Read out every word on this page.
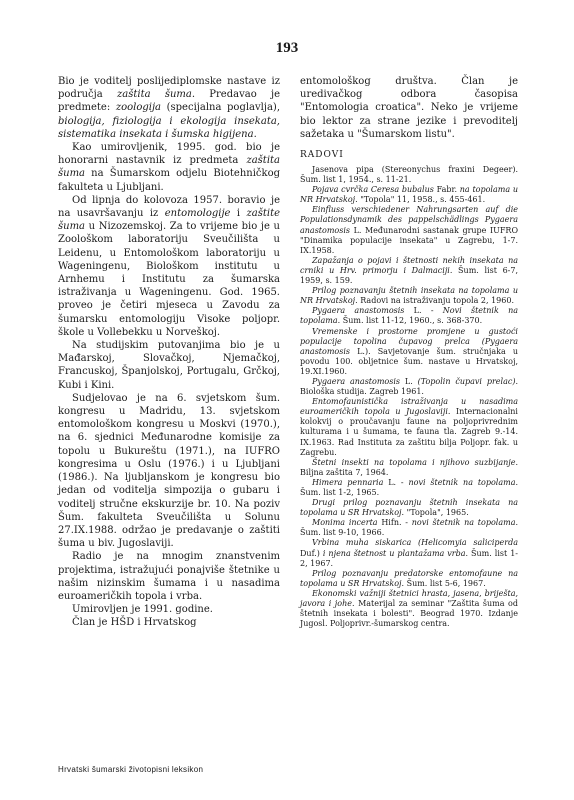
193

Bio je voditelj poslijediplomske nastave iz područja zaštita šuma. Predavao je predmete: zoologija (specijalna poglavlja), biologija, fiziologija i ekologija insekata, sistematika insekata i šumska higijena.

Kao umirovljenik, 1995. god. bio je honorarni nastavnik iz predmeta zaštita šuma na Šumarskom odjelu Biotehničkog fakulteta u Ljubljani.

Od lipnja do kolovoza 1957. boravio je na usavršavanju iz entomologije i zaštite šuma u Nizozemskoj. Za to vrijeme bio je u Zoološkom laboratoriju Sveučilišta u Leidenu, u Entomološkom laboratoriju u Wageningenu, Biološkom institutu u Arnhemu i Institutu za šumarska istraživanja u Wageningenu. God. 1965. proveo je četiri mjeseca u Zavodu za šumarsku entomologiju Visoke poljopr. škole u Vollebekku u Norveškoj.

Na studijskim putovanjima bio je u Mađarskoj, Slovačkoj, Njemačkoj, Francuskoj, Španjolskoj, Portugalu, Grčkoj, Kubi i Kini.

Sudjelovao je na 6. svjetskom šum. kongresu u Madridu, 13. svjetskom entomološkom kongresu u Moskvi (1970.), na 6. sjednici Međunarodne komisije za topolu u Bukureštu (1971.), na IUFRO kongresima u Oslu (1976.) i u Ljubljani (1986.). Na ljubljanskom je kongresu bio jedan od voditelja simpozija o gubaru i voditelj stručne ekskurzije br. 10. Na poziv Šum. fakulteta Sveučilišta u Solunu 27.IX.1988. održao je predavanje o zaštiti šuma u biv. Jugoslaviji.

Radio je na mnogim znanstvenim projektima, istražujući ponajviše štetnike u našim nizinskim šumama i u nasadima euroameričkih topola i vrba.

Umirovljen je 1991. godine.

Član je HŠD i Hrvatskog

entomološkog društva. Član je uredivačkog odbora časopisa "Entomologia croatica". Neko je vrijeme bio lektor za strane jezike i prevoditelj sažetaka u "Šumarskom listu".

RADOVI

Jasenova pipa (Stereonychus fraxini Degeer). Šum. list 1, 1954., s. 11-21.

Pojava cvrčka Ceresa bubalus Fabr. na topolama u NR Hrvatskoj. "Topola" 11, 1958., s. 455-461.

Einfluss verschiedener Nahrungsarten auf die Populationsdynamik des pappelschädlings Pygaera anastomosis L. Međunarodni sastanak grupe IUFRO "Dinamika populacije insekata" u Zagrebu, 1-7. IX.1958.

Zapažanja o pojavi i štetnosti nekih insekata na crniki u Hrv. primorju i Dalmaciji. Šum. list 6-7, 1959, s. 159.

Prilog poznavanju štetnih insekata na topolama u NR Hrvatskoj. Radovi na istraživanju topola 2, 1960.

Pygaera anastomosis L. - Novi štetnik na topolama. Šum. list 11-12, 1960., s. 368-370.

Vremenske i prostorne promjene u gustoći populacije topolina čupavog prelca (Pygaera anastomosis L.). Savjetovanje šum. stručnjaka u povodu 100. obljetnice šum. nastave u Hrvatskoj, 19.XI.1960.

Pygaera anastomosis L. (Topolin čupavi prelac). Biološka studija. Zagreb 1961.

Entomofaunistička istraživanja u nasadima euroameričkih topola u Jugoslaviji. Internacionalni kolokvij o proučavanju faune na poljoprivrednim kulturama i u šumama, te fauna tla. Zagreb 9.-14. IX.1963. Rad Instituta za zaštitu bilja Poljopr. fak. u Zagrebu.

Štetni insekti na topolama i njihovo suzbijanje. Biljna zaštita 7, 1964.

Himera pennaria L. - novi štetnik na topolama. Šum. list 1-2, 1965.

Drugi prilog poznavanju štetnih insekata na topolama u SR Hrvatskoj. "Topola", 1965.

Monima incerta Hifn. - novi štetnik na topolama. Šum. list 9-10, 1966.

Vrbina muha siskarica (Helicomyia saliciperda Duf.) i njena štetnost u plantažama vrba. Šum. list 1-2, 1967.

Prilog poznavanju predatorske entomofaune na topolama u SR Hrvatskoj. Šum. list 5-6, 1967.

Ekonomski važniji štetnici hrasta, jasena, briješta, javora i johe. Materijal za seminar "Zaštita šuma od štetnih insekata i bolesti". Beograd 1970. Izdanje Jugosl. Poljoprivr.-šumarskog centra.

Hrvatski šumarski životopisni leksikon
